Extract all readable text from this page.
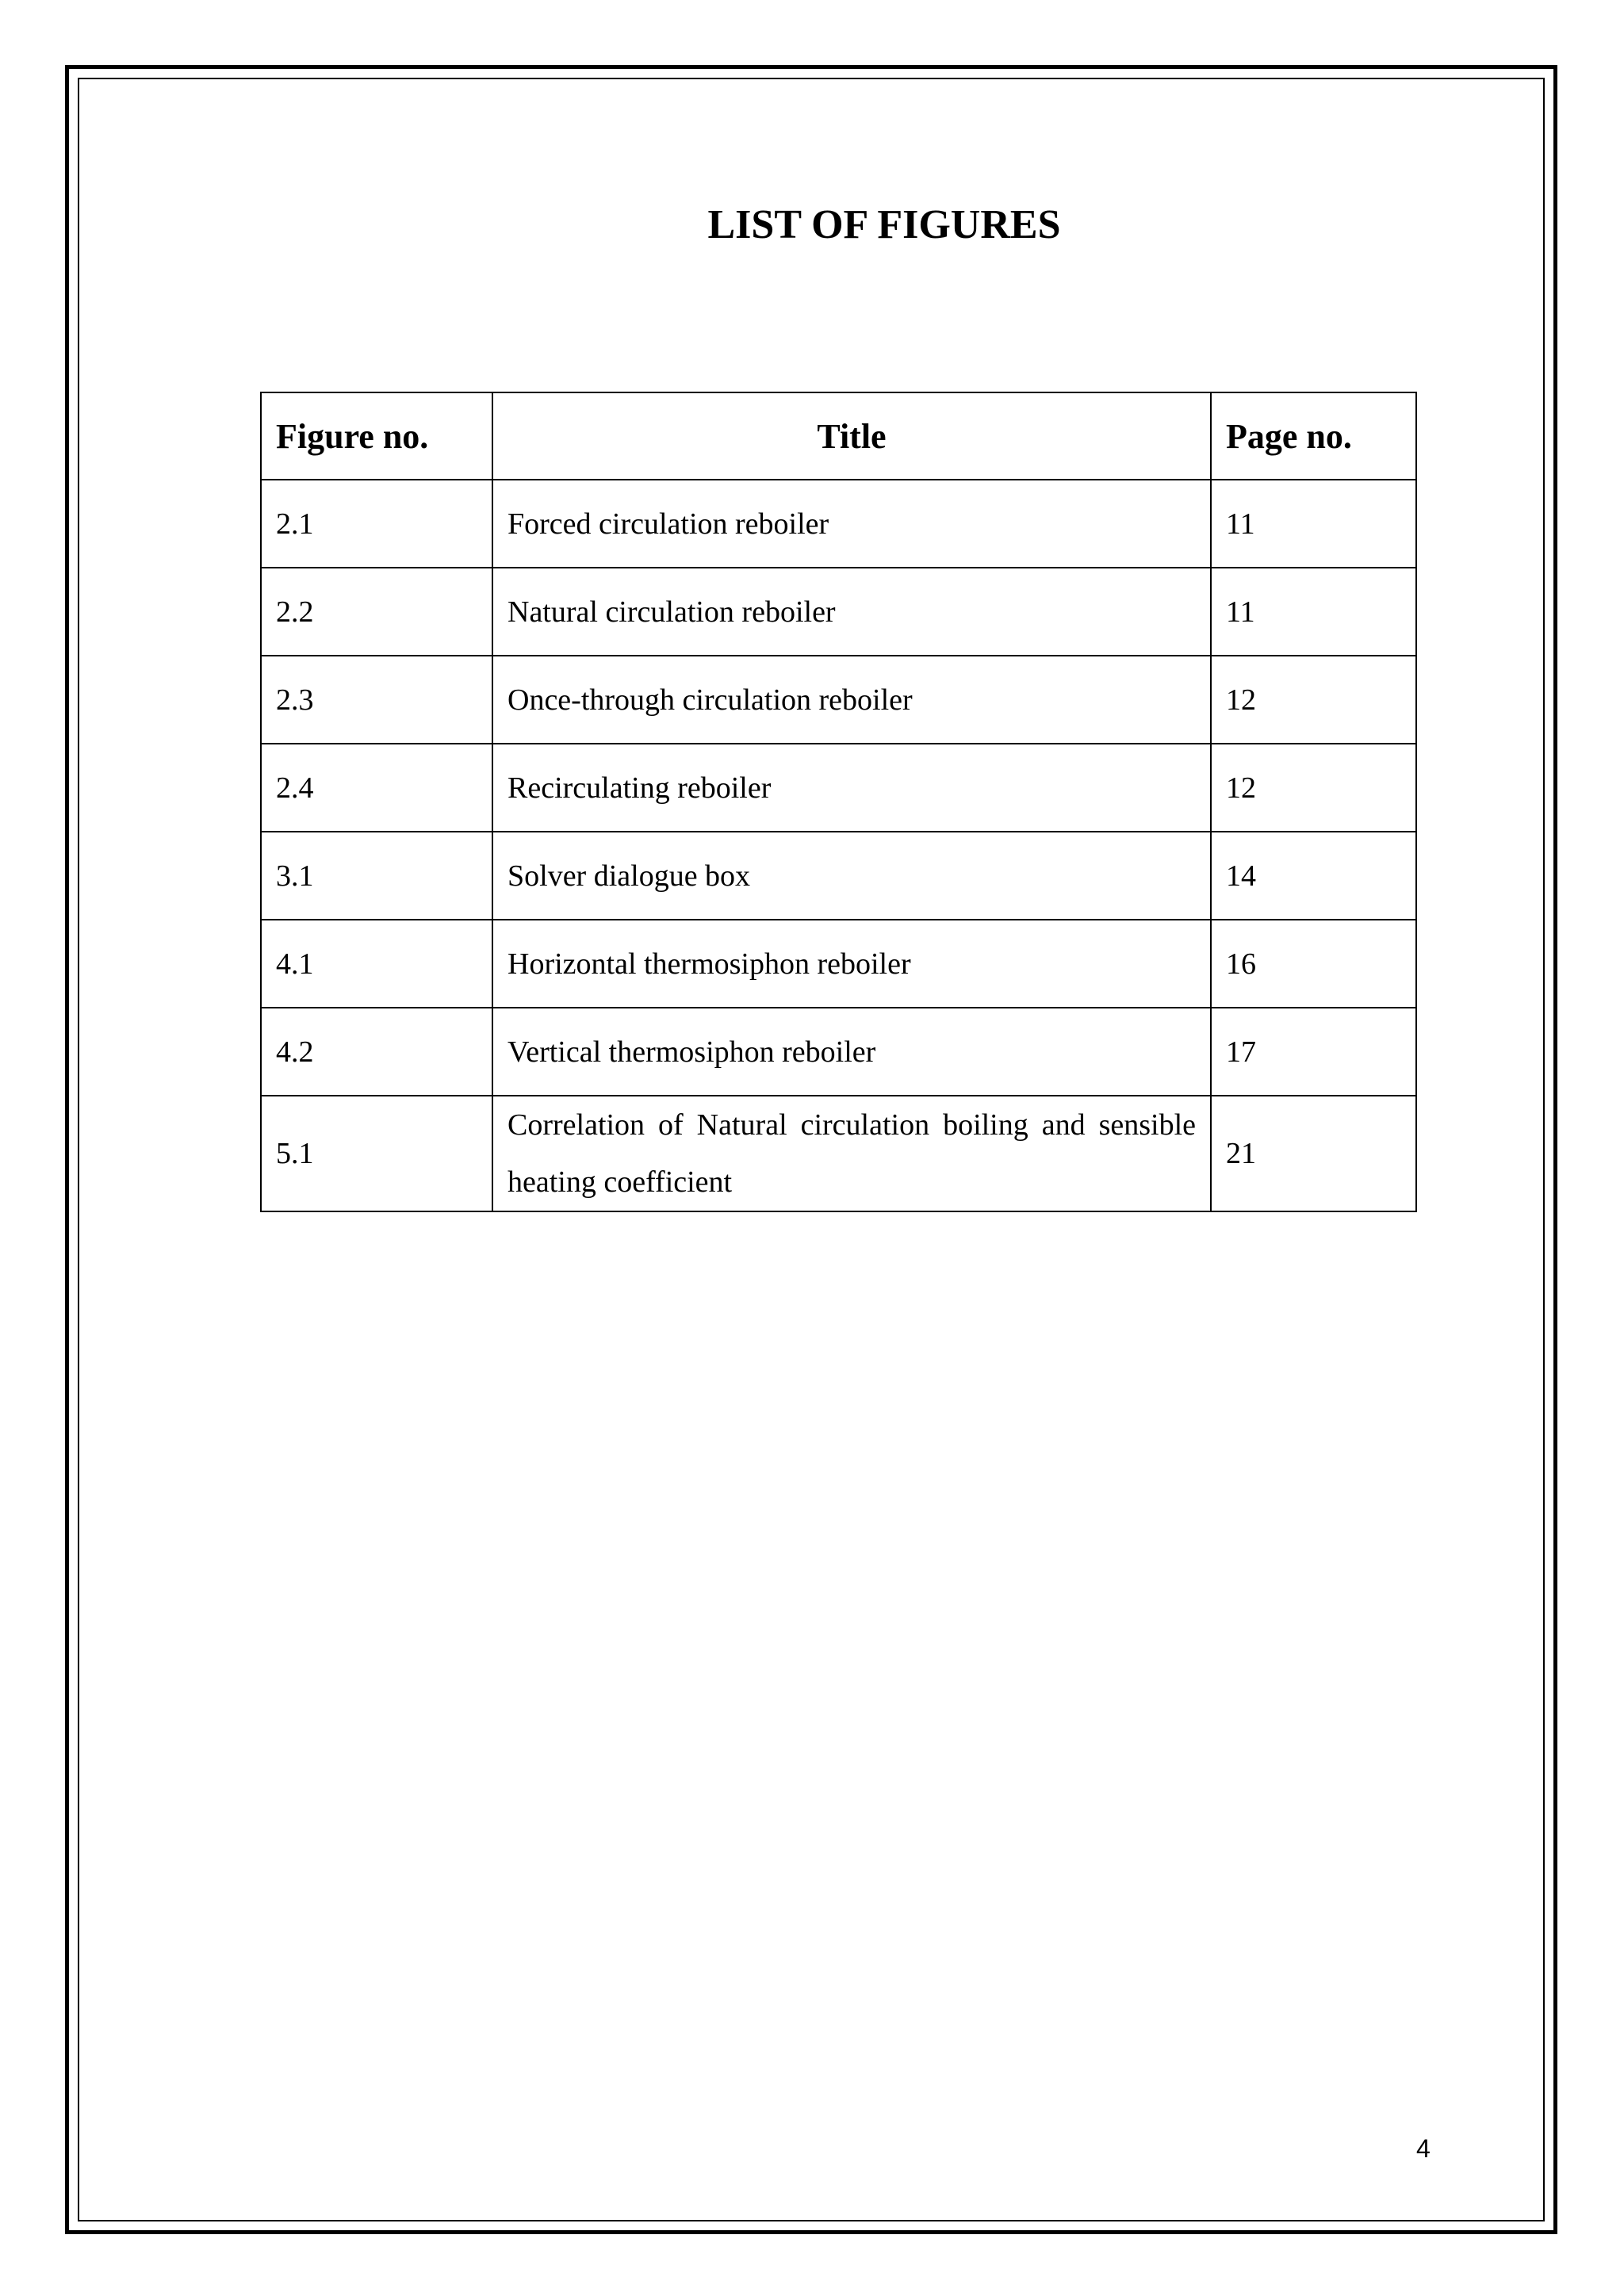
LIST OF FIGURES
Figure no.	Title	Page no.
2.1	Forced circulation reboiler	11
2.2	Natural circulation reboiler	11
2.3	Once-through circulation reboiler	12
2.4	Recirculating reboiler	12
3.1	Solver dialogue box	14
4.1	Horizontal thermosiphon reboiler	16
4.2	Vertical thermosiphon reboiler	17
5.1	Correlation of Natural circulation boiling and sensible heating coefficient	21
4
